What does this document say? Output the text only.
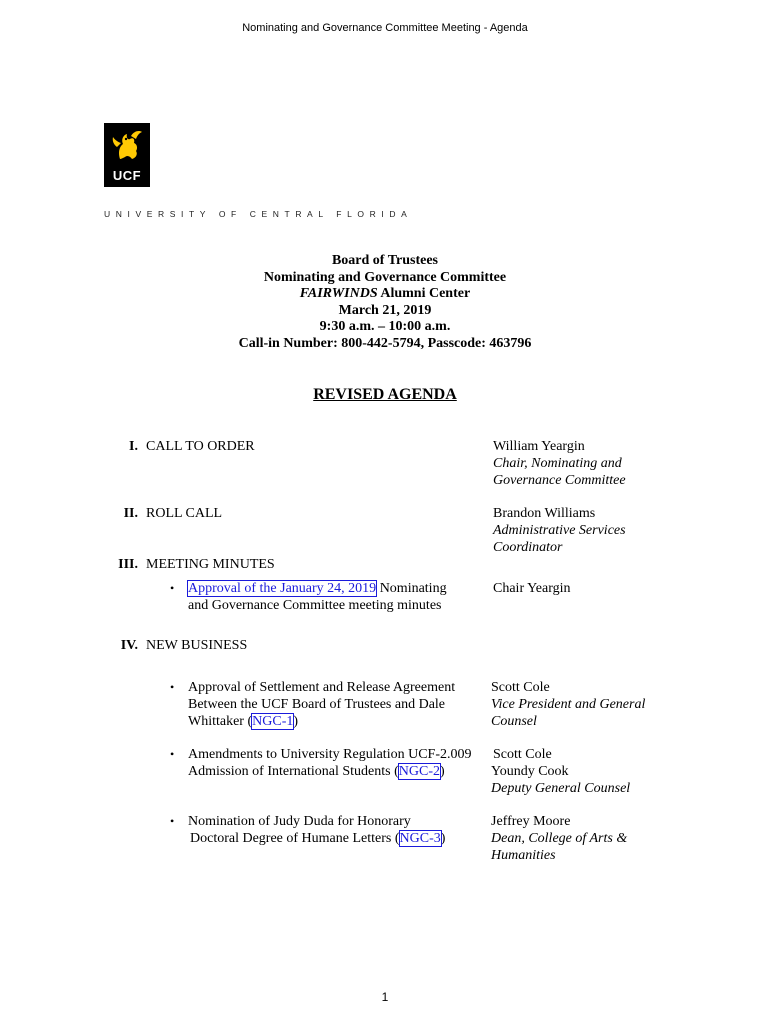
Nominating and Governance Committee Meeting - Agenda
UCF
UNIVERSITY OF CENTRAL FLORIDA
Board of Trustees
Nominating and Governance Committee
FAIRWINDS Alumni Center
March 21, 2019
9:30 a.m. – 10:00 a.m.
Call-in Number: 800-442-5794, Passcode: 463796
REVISED AGENDA
I. CALL TO ORDER	William Yeargin
Chair, Nominating and
Governance Committee
II. ROLL CALL	Brandon Williams
Administrative Services
Coordinator
III. MEETING MINUTES
• Approval of the January 24, 2019 Nominating
and Governance Committee meeting minutes
Chair Yeargin
IV. NEW BUSINESS
• Approval of Settlement and Release Agreement
Between the UCF Board of Trustees and Dale
Whittaker (NGC-1)
Scott Cole
Vice President and General
Counsel
• Amendments to University Regulation UCF-2.009
Admission of International Students (NGC-2)
Scott Cole
Youndy Cook
Deputy General Counsel
• Nomination of Judy Duda for Honorary
Doctoral Degree of Humane Letters (NGC-3)
Jeffrey Moore
Dean, College of Arts &
Humanities
1
